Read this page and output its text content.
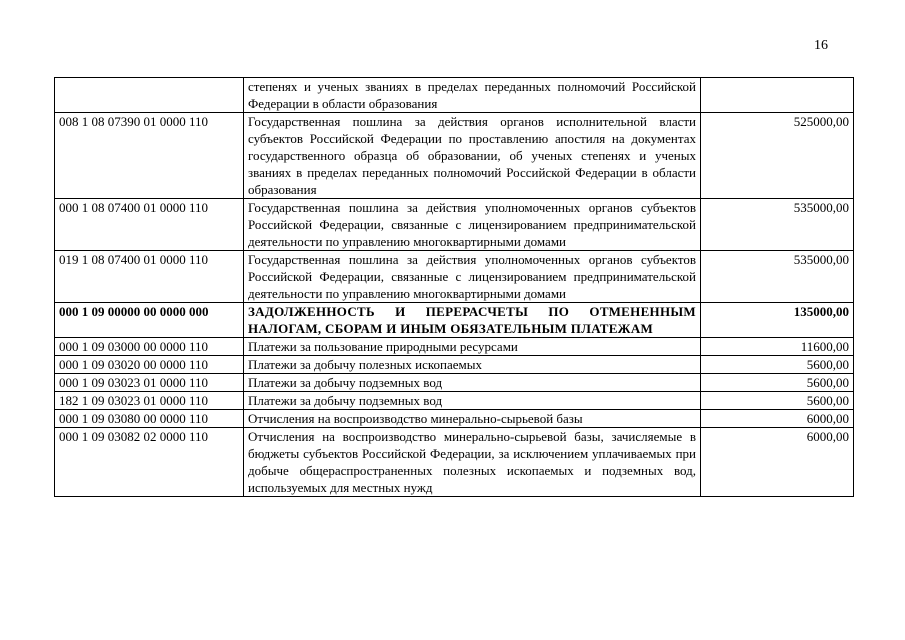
16
	степенях и ученых званиях в пределах переданных полномочий Российской Федерации в области образования	
008 1 08 07390 01 0000 110	Государственная пошлина за действия органов исполнительной власти субъектов Российской Федерации по проставлению апостиля на документах государственного образца об образовании, об ученых степенях и ученых званиях в пределах переданных полномочий Российской Федерации в области образования	525000,00
000 1 08 07400 01 0000 110	Государственная пошлина за действия уполномоченных органов субъектов Российской Федерации, связанные с лицензированием предпринимательской деятельности по управлению многоквартирными домами	535000,00
019 1 08 07400 01 0000 110	Государственная пошлина за действия уполномоченных органов субъектов Российской Федерации, связанные с лицензированием предпринимательской деятельности по управлению многоквартирными домами	535000,00
000 1 09 00000 00 0000 000	ЗАДОЛЖЕННОСТЬ И ПЕРЕРАСЧЕТЫ ПО ОТМЕНЕННЫМ НАЛОГАМ, СБОРАМ И ИНЫМ ОБЯЗАТЕЛЬНЫМ ПЛАТЕЖАМ	135000,00
000 1 09 03000 00 0000 110	Платежи за пользование природными ресурсами	11600,00
000 1 09 03020 00 0000 110	Платежи за добычу полезных ископаемых	5600,00
000 1 09 03023 01 0000 110	Платежи за добычу подземных вод	5600,00
182 1 09 03023 01 0000 110	Платежи за добычу подземных вод	5600,00
000 1 09 03080 00 0000 110	Отчисления на воспроизводство минерально-сырьевой базы	6000,00
000 1 09 03082 02 0000 110	Отчисления на воспроизводство минерально-сырьевой базы, зачисляемые в бюджеты субъектов Российской Федерации, за исключением уплачиваемых при добыче общераспространенных полезных ископаемых и подземных вод, используемых для местных нужд	6000,00
